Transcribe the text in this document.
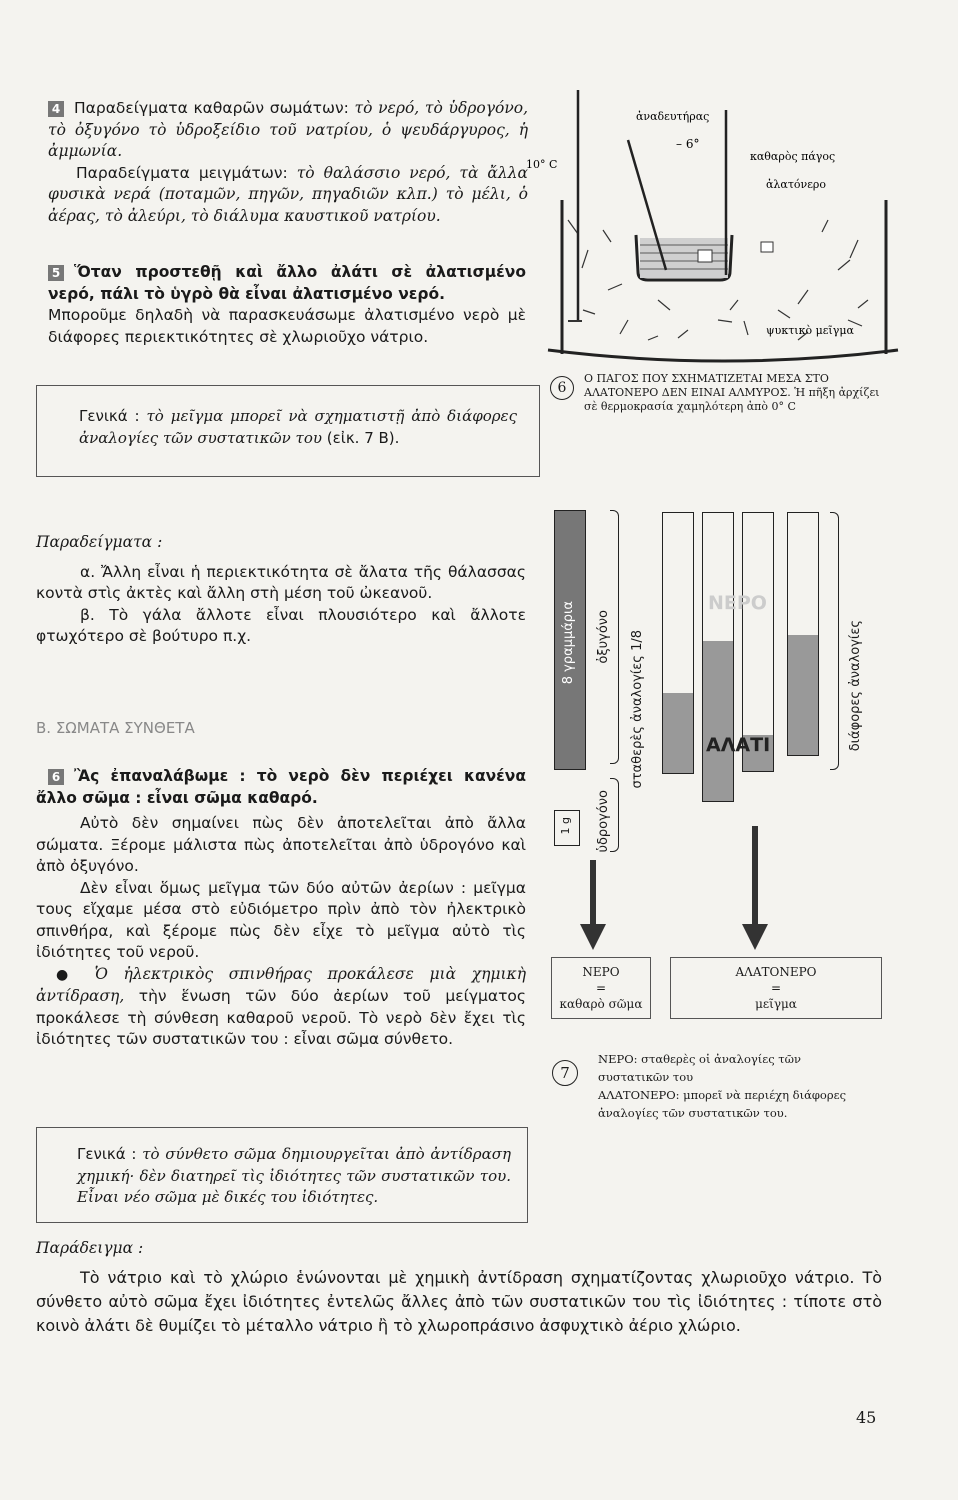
4 Παραδείγματα καθαρῶν σωμάτων: τὸ νερό, τὸ ὑδρογόνο, τὸ ὀξυγόνο τὸ ὑδροξείδιο τοῦ νατρίου, ὁ ψευδάργυρος, ἡ ἀμμωνία.

Παραδείγματα μειγμάτων: τὸ θαλάσσιο νερό, τὰ ἄλλα φυσικὰ νερά (ποταμῶν, πηγῶν, πηγαδιῶν κλπ.) τὸ μέλι, ὁ ἀέρας, τὸ ἀλεύρι, τὸ διάλυμα καυστικοῦ νατρίου.

5 Ὅταν προστεθῇ καὶ ἄλλο ἀλάτι σὲ ἀλατισμένο νερό, πάλι τὸ ὑγρὸ θὰ εἶναι ἀλατισμένο νερό.

Μποροῦμε δηλαδὴ νὰ παρασκευάσωμε ἀλατισμένο νερὸ μὲ διάφορες περιεκτικότητες σὲ χλωριοῦχο νάτριο.

Γενικά : τὸ μεῖγμα μπορεῖ νὰ σχηματιστῇ ἀπὸ διάφορες ἀναλογίες τῶν συστατικῶν του (εἰκ. 7 Β).

Παραδείγματα :

α. Ἄλλη εἶναι ἡ περιεκτικότητα σὲ ἄλατα τῆς θάλασσας κοντὰ στὶς ἀκτὲς καὶ ἄλλη στὴ μέση τοῦ ὠκεανοῦ.

β. Τὸ γάλα ἄλλοτε εἶναι πλουσιότερο καὶ ἄλλοτε φτωχότερο σὲ βούτυρο π.χ.

Β. ΣΩΜΑΤΑ ΣΥΝΘΕΤΑ

6 Ἂς ἐπαναλάβωμε : τὸ νερὸ δὲν περιέχει κανένα ἄλλο σῶμα : εἶναι σῶμα καθαρό.

Αὐτὸ δὲν σημαίνει πὼς δὲν ἀποτελεῖται ἀπὸ ἄλλα σώματα. Ξέρομε μάλιστα πὼς ἀποτελεῖται ἀπὸ ὑδρογόνο καὶ ἀπὸ ὀξυγόνο.

Δὲν εἶναι ὅμως μεῖγμα τῶν δύο αὐτῶν ἀερίων : μεῖγμα τους εἴχαμε μέσα στὸ εὐδιόμετρο πρὶν ἀπὸ τὸν ἠλεκτρικὸ σπινθήρα, καὶ ξέρομε πὼς δὲν εἶχε τὸ μεῖγμα αὐτὸ τὶς ἰδιότητες τοῦ νεροῦ.

● Ὁ ἠλεκτρικὸς σπινθήρας προκάλεσε μιὰ χημικὴ ἀντίδραση, τὴν ἕνωση τῶν δύο ἀερίων τοῦ μείγματος προκάλεσε τὴ σύνθεση καθαροῦ νεροῦ. Τὸ νερὸ δὲν ἔχει τὶς ἰδιότητες τῶν συστατικῶν του : εἶναι σῶμα σύνθετο.

Γενικά : τὸ σύνθετο σῶμα δημιουργεῖται ἀπὸ ἀντίδραση χημική· δὲν διατηρεῖ τὶς ἰδιότητες τῶν συστατικῶν του. Εἶναι νέο σῶμα μὲ δικές του ἰδιότητες.

Παράδειγμα :

Τὸ νάτριο καὶ τὸ χλώριο ἑνώνονται μὲ χημικὴ ἀντίδραση σχηματίζοντας χλωριοῦχο νάτριο. Τὸ σύνθετο αὐτὸ σῶμα ἔχει ἰδιότητες ἐντελῶς ἄλλες ἀπὸ τῶν συστατικῶν του τὶς ἰδιότητες : τίποτε στὸ κοινὸ ἀλάτι δὲ θυμίζει τὸ μέταλλο νάτριο ἢ τὸ χλωροπράσινο ἀσφυχτικὸ ἀέριο χλώριο.

– 6°
10° C
ἀναδευτήρας
καθαρὸς πάγος
ἀλατόνερο
ψυκτικὸ μεῖγμα
6
Ο ΠΑΓΟΣ ΠΟΥ ΣΧΗΜΑΤΙΖΕΤΑΙ ΜΕΣΑ ΣΤΟ ΑΛΑΤΟΝΕΡΟ ΔΕΝ ΕΙΝΑΙ ΑΛΜΥΡΟΣ. Ἡ πῆξη ἀρχίζει σὲ θερμοκρασία χαμηλότερη ἀπὸ 0° C
8 γραμμάρια
1 g
ὀξυγόνο
ὑδρογόνο
σταθερὲς ἀναλογίες 1/8
ΝΕΡΟ
ΑΛΑΤΙ	διάφορες ἀναλογίες
ΝΕΡΟ
=
καθαρὸ σῶμα
ΑΛΑΤΟΝΕΡΟ
=
μεῖγμα
7
ΝΕΡΟ: σταθερὲς οἱ ἀναλογίες τῶν συστατικῶν του
ΑΛΑΤΟΝΕΡΟ: μπορεῖ νὰ περιέχη διάφορες ἀναλογίες τῶν συστατικῶν του.
45
